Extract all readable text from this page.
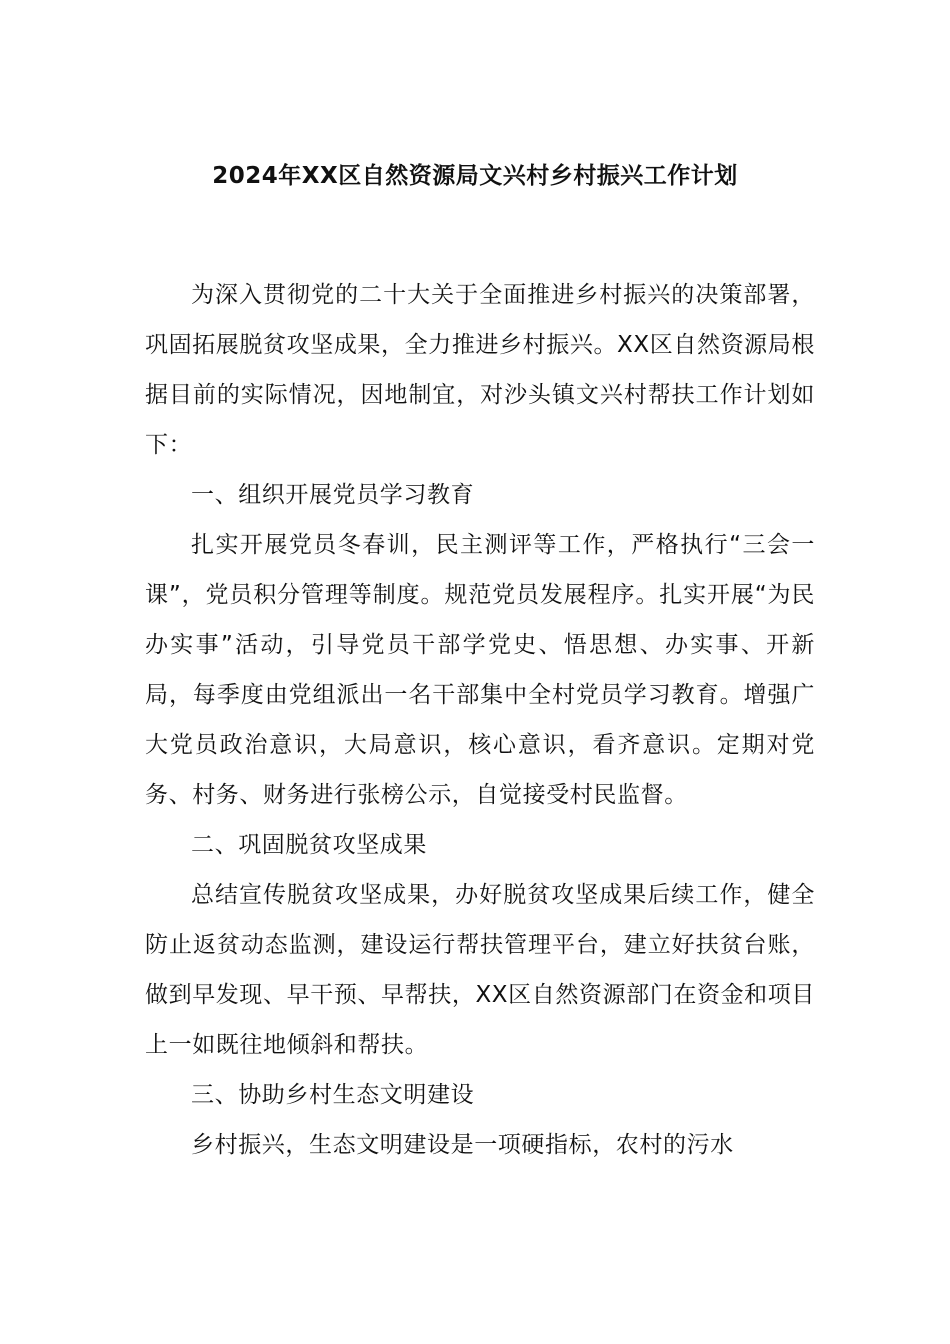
2024年XX区自然资源局文兴村乡村振兴工作计划

为深入贯彻党的二十大关于全面推进乡村振兴的决策部署，巩固拓展脱贫攻坚成果，全力推进乡村振兴。XX区自然资源局根据目前的实际情况，因地制宜，对沙头镇文兴村帮扶工作计划如下：

一、组织开展党员学习教育

扎实开展党员冬春训，民主测评等工作，严格执行“三会一课”，党员积分管理等制度。规范党员发展程序。扎实开展“为民办实事”活动，引导党员干部学党史、悟思想、办实事、开新局，每季度由党组派出一名干部集中全村党员学习教育。增强广大党员政治意识，大局意识，核心意识，看齐意识。定期对党务、村务、财务进行张榜公示，自觉接受村民监督。

二、巩固脱贫攻坚成果

总结宣传脱贫攻坚成果，办好脱贫攻坚成果后续工作，健全防止返贫动态监测，建设运行帮扶管理平台，建立好扶贫台账，做到早发现、早干预、早帮扶，XX区自然资源部门在资金和项目上一如既往地倾斜和帮扶。

三、协助乡村生态文明建设

乡村振兴，生态文明建设是一项硬指标，农村的污水
